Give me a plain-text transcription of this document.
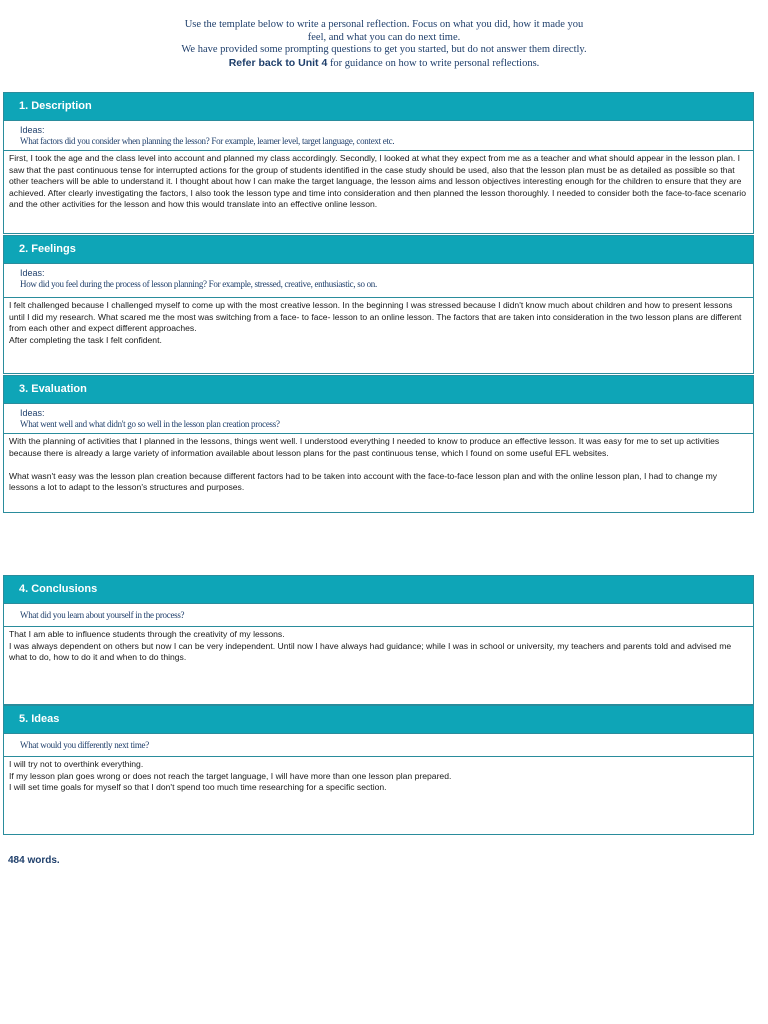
Use the template below to write a personal reflection. Focus on what you did, how it made you
feel, and what you can do next time.
We have provided some prompting questions to get you started, but do not answer them directly.
Refer back to Unit 4 for guidance on how to write personal reflections.
1. Description
Ideas:
What factors did you consider when planning the lesson? For example, learner level, target language, context etc.

First, I took the age and the class level into account and planned my class accordingly. Secondly, I looked at what they expect from me as a teacher and what should appear in the lesson plan. I saw that the past continuous tense for interrupted actions for the group of students identified in the case study should be used, also that the lesson plan must be as detailed as possible so that other teachers will be able to understand it. I thought about how I can make the target language, the lesson aims and lesson objectives interesting enough for the children to ensure that they are achieved. After clearly investigating the factors, I also took the lesson type and time into consideration and then planned the lesson thoroughly. I needed to consider both the face-to-face scenario and the other activities for the lesson and how this would translate into an effective online lesson.

2. Feelings
Ideas:
How did you feel during the process of lesson planning? For example, stressed, creative, enthusiastic, so on.

I felt challenged because I challenged myself to come up with the most creative lesson. In the beginning I was stressed because I didn't know much about children and how to present lessons until I did my research. What scared me the most was switching from a face- to face- lesson to an online lesson. The factors that are taken into consideration in the two lesson plans are different from each other and expect different approaches.
After completing the task I felt confident.

3. Evaluation
Ideas:
What went well and what didn't go so well in the lesson plan creation process?

With the planning of activities that I planned in the lessons, things went well. I understood everything I needed to know to produce an effective lesson. It was easy for me to set up activities because there is already a large variety of information available about lesson plans for the past continuous tense, which I found on some useful EFL websites.

What wasn't easy was the lesson plan creation because different factors had to be taken into account with the face-to-face lesson plan and with the online lesson plan, I had to change my lessons a lot to adapt to the lesson's structures and purposes.

4. Conclusions
What did you learn about yourself in the process?

That I am able to influence students through the creativity of my lessons.
I was always dependent on others but now I can be very independent. Until now I have always had guidance; while I was in school or university, my teachers and parents told and advised me what to do, how to do it and when to do things.

5. Ideas
What would you differently next time?

I will try not to overthink everything.
If my lesson plan goes wrong or does not reach the target language, I will have more than one lesson plan prepared.
I will set time goals for myself so that I don't spend too much time researching for a specific section.

484 words.
